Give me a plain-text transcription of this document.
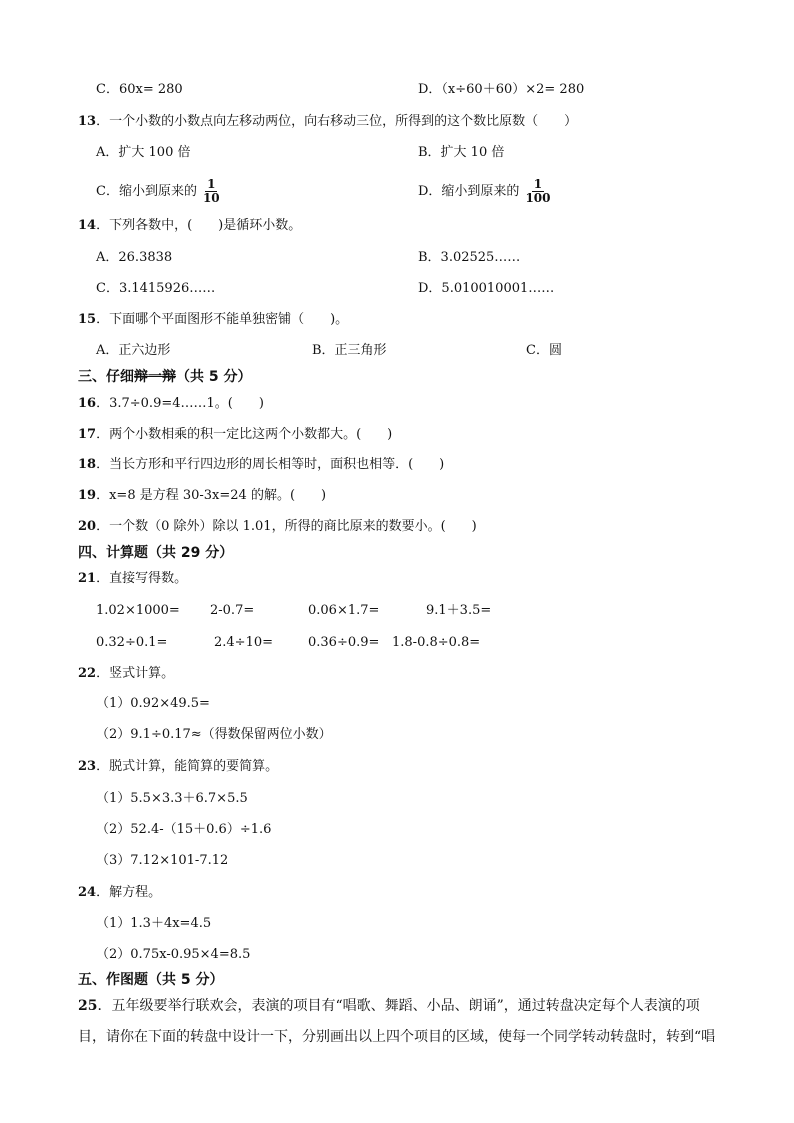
C．60x= 280	D．（x÷60＋60）×2= 280
13．一个小数的小数点向左移动两位，向右移动三位，所得到的这个数比原数（　　）
A．扩大 100 倍	B．扩大 10 倍
C．缩小到原来的 $\frac{1}{10}$	D．缩小到原来的 $\frac{1}{100}$
14．下列各数中，(　　)是循环小数。
A．26.3838	B．3.02525……
C．3.1415926……	D．5.010010001……
15．下面哪个平面图形不能单独密铺（　　)。
A．正六边形	B．正三角形	C．圆
三、仔细辩一辩（共 5 分）
16．3.7÷0.9=4……1。(　　)
17．两个小数相乘的积一定比这两个小数都大。(　　)
18．当长方形和平行四边形的周长相等时，面积也相等．(　　)
19．x=8 是方程 30-3x=24 的解。(　　)
20．一个数（0 除外）除以 1.01，所得的商比原来的数要小。(　　)
四、计算题（共 29 分）
21．直接写得数。
1.02×1000= 2-0.7=	0.06×1.7=	9.1＋3.5=
0.32÷0.1=	2.4÷10=	0.36÷0.9= 1.8-0.8÷0.8=
22．竖式计算。
（1）0.92×49.5=
（2）9.1÷0.17≈（得数保留两位小数）
23．脱式计算，能简算的要简算。
（1）5.5×3.3＋6.7×5.5
（2）52.4-（15＋0.6）÷1.6
（3）7.12×101-7.12
24．解方程。
（1）1.3＋4x=4.5
（2）0.75x-0.95×4=8.5
五、作图题（共 5 分）
25．五年级要举行联欢会，表演的项目有“唱歌、舞蹈、小品、朗诵”，通过转盘决定每个人表演的项
目，请你在下面的转盘中设计一下，分别画出以上四个项目的区域，使每一个同学转动转盘时，转到“唱
